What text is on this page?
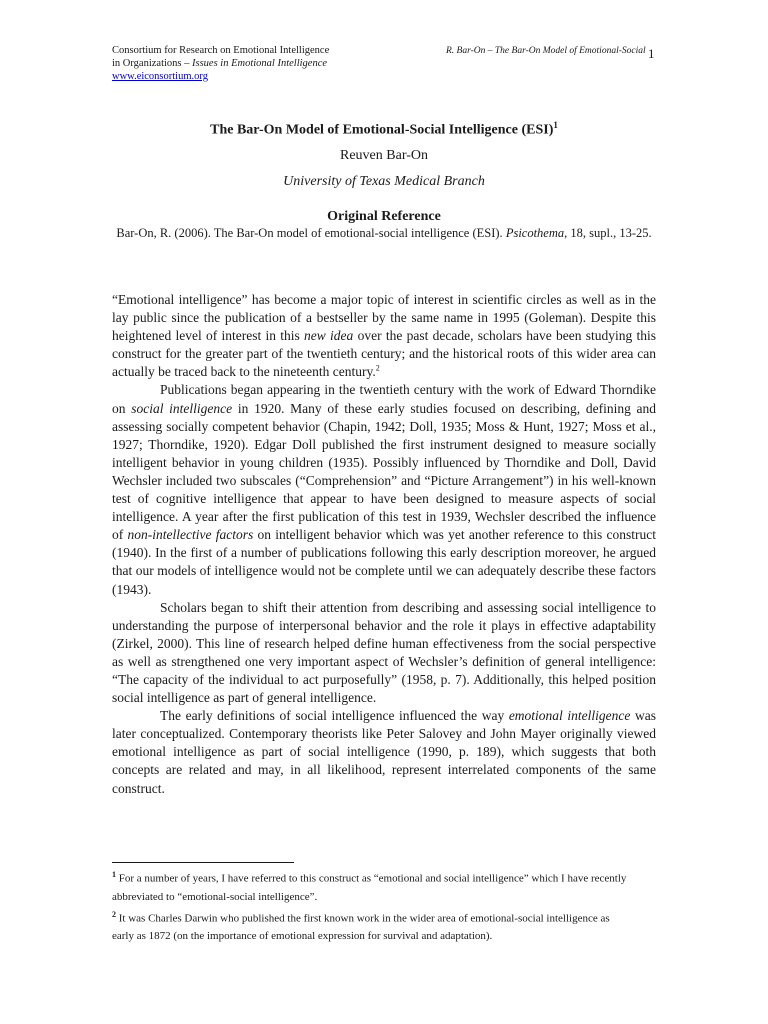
Consortium for Research on Emotional Intelligence
in Organizations – Issues in Emotional Intelligence
www.eiconsortium.org
R. Bar-On – The Bar-On Model of Emotional-Social 1
The Bar-On Model of Emotional-Social Intelligence (ESI)$^1$
Reuven Bar-On
University of Texas Medical Branch
Original Reference
Bar-On, R. (2006). The Bar-On model of emotional-social intelligence (ESI). Psicothema, 18, supl., 13-25.

“Emotional intelligence” has become a major topic of interest in scientific circles as well as in the lay public since the publication of a bestseller by the same name in 1995 (Goleman). Despite this heightened level of interest in this new idea over the past decade, scholars have been studying this construct for the greater part of the twentieth century; and the historical roots of this wider area can actually be traced back to the nineteenth century.$^2$

Publications began appearing in the twentieth century with the work of Edward Thorndike on social intelligence in 1920. Many of these early studies focused on describing, defining and assessing socially competent behavior (Chapin, 1942; Doll, 1935; Moss & Hunt, 1927; Moss et al., 1927; Thorndike, 1920). Edgar Doll published the first instrument designed to measure socially intelligent behavior in young children (1935). Possibly influenced by Thorndike and Doll, David Wechsler included two subscales (“Comprehension” and “Picture Arrangement”) in his well-known test of cognitive intelligence that appear to have been designed to measure aspects of social intelligence. A year after the first publication of this test in 1939, Wechsler described the influence of non-intellective factors on intelligent behavior which was yet another reference to this construct (1940). In the first of a number of publications following this early description moreover, he argued that our models of intelligence would not be complete until we can adequately describe these factors (1943).

Scholars began to shift their attention from describing and assessing social intelligence to understanding the purpose of interpersonal behavior and the role it plays in effective adaptability (Zirkel, 2000). This line of research helped define human effectiveness from the social perspective as well as strengthened one very important aspect of Wechsler’s definition of general intelligence: “The capacity of the individual to act purposefully” (1958, p. 7). Additionally, this helped position social intelligence as part of general intelligence.

The early definitions of social intelligence influenced the way emotional intelligence was later conceptualized. Contemporary theorists like Peter Salovey and John Mayer originally viewed emotional intelligence as part of social intelligence (1990, p. 189), which suggests that both concepts are related and may, in all likelihood, represent interrelated components of the same construct.

$^1$ For a number of years, I have referred to this construct as “emotional and social intelligence” which I have recently abbreviated to “emotional-social intelligence”.

$^2$ It was Charles Darwin who published the first known work in the wider area of emotional-social intelligence as early as 1872 (on the importance of emotional expression for survival and adaptation).
